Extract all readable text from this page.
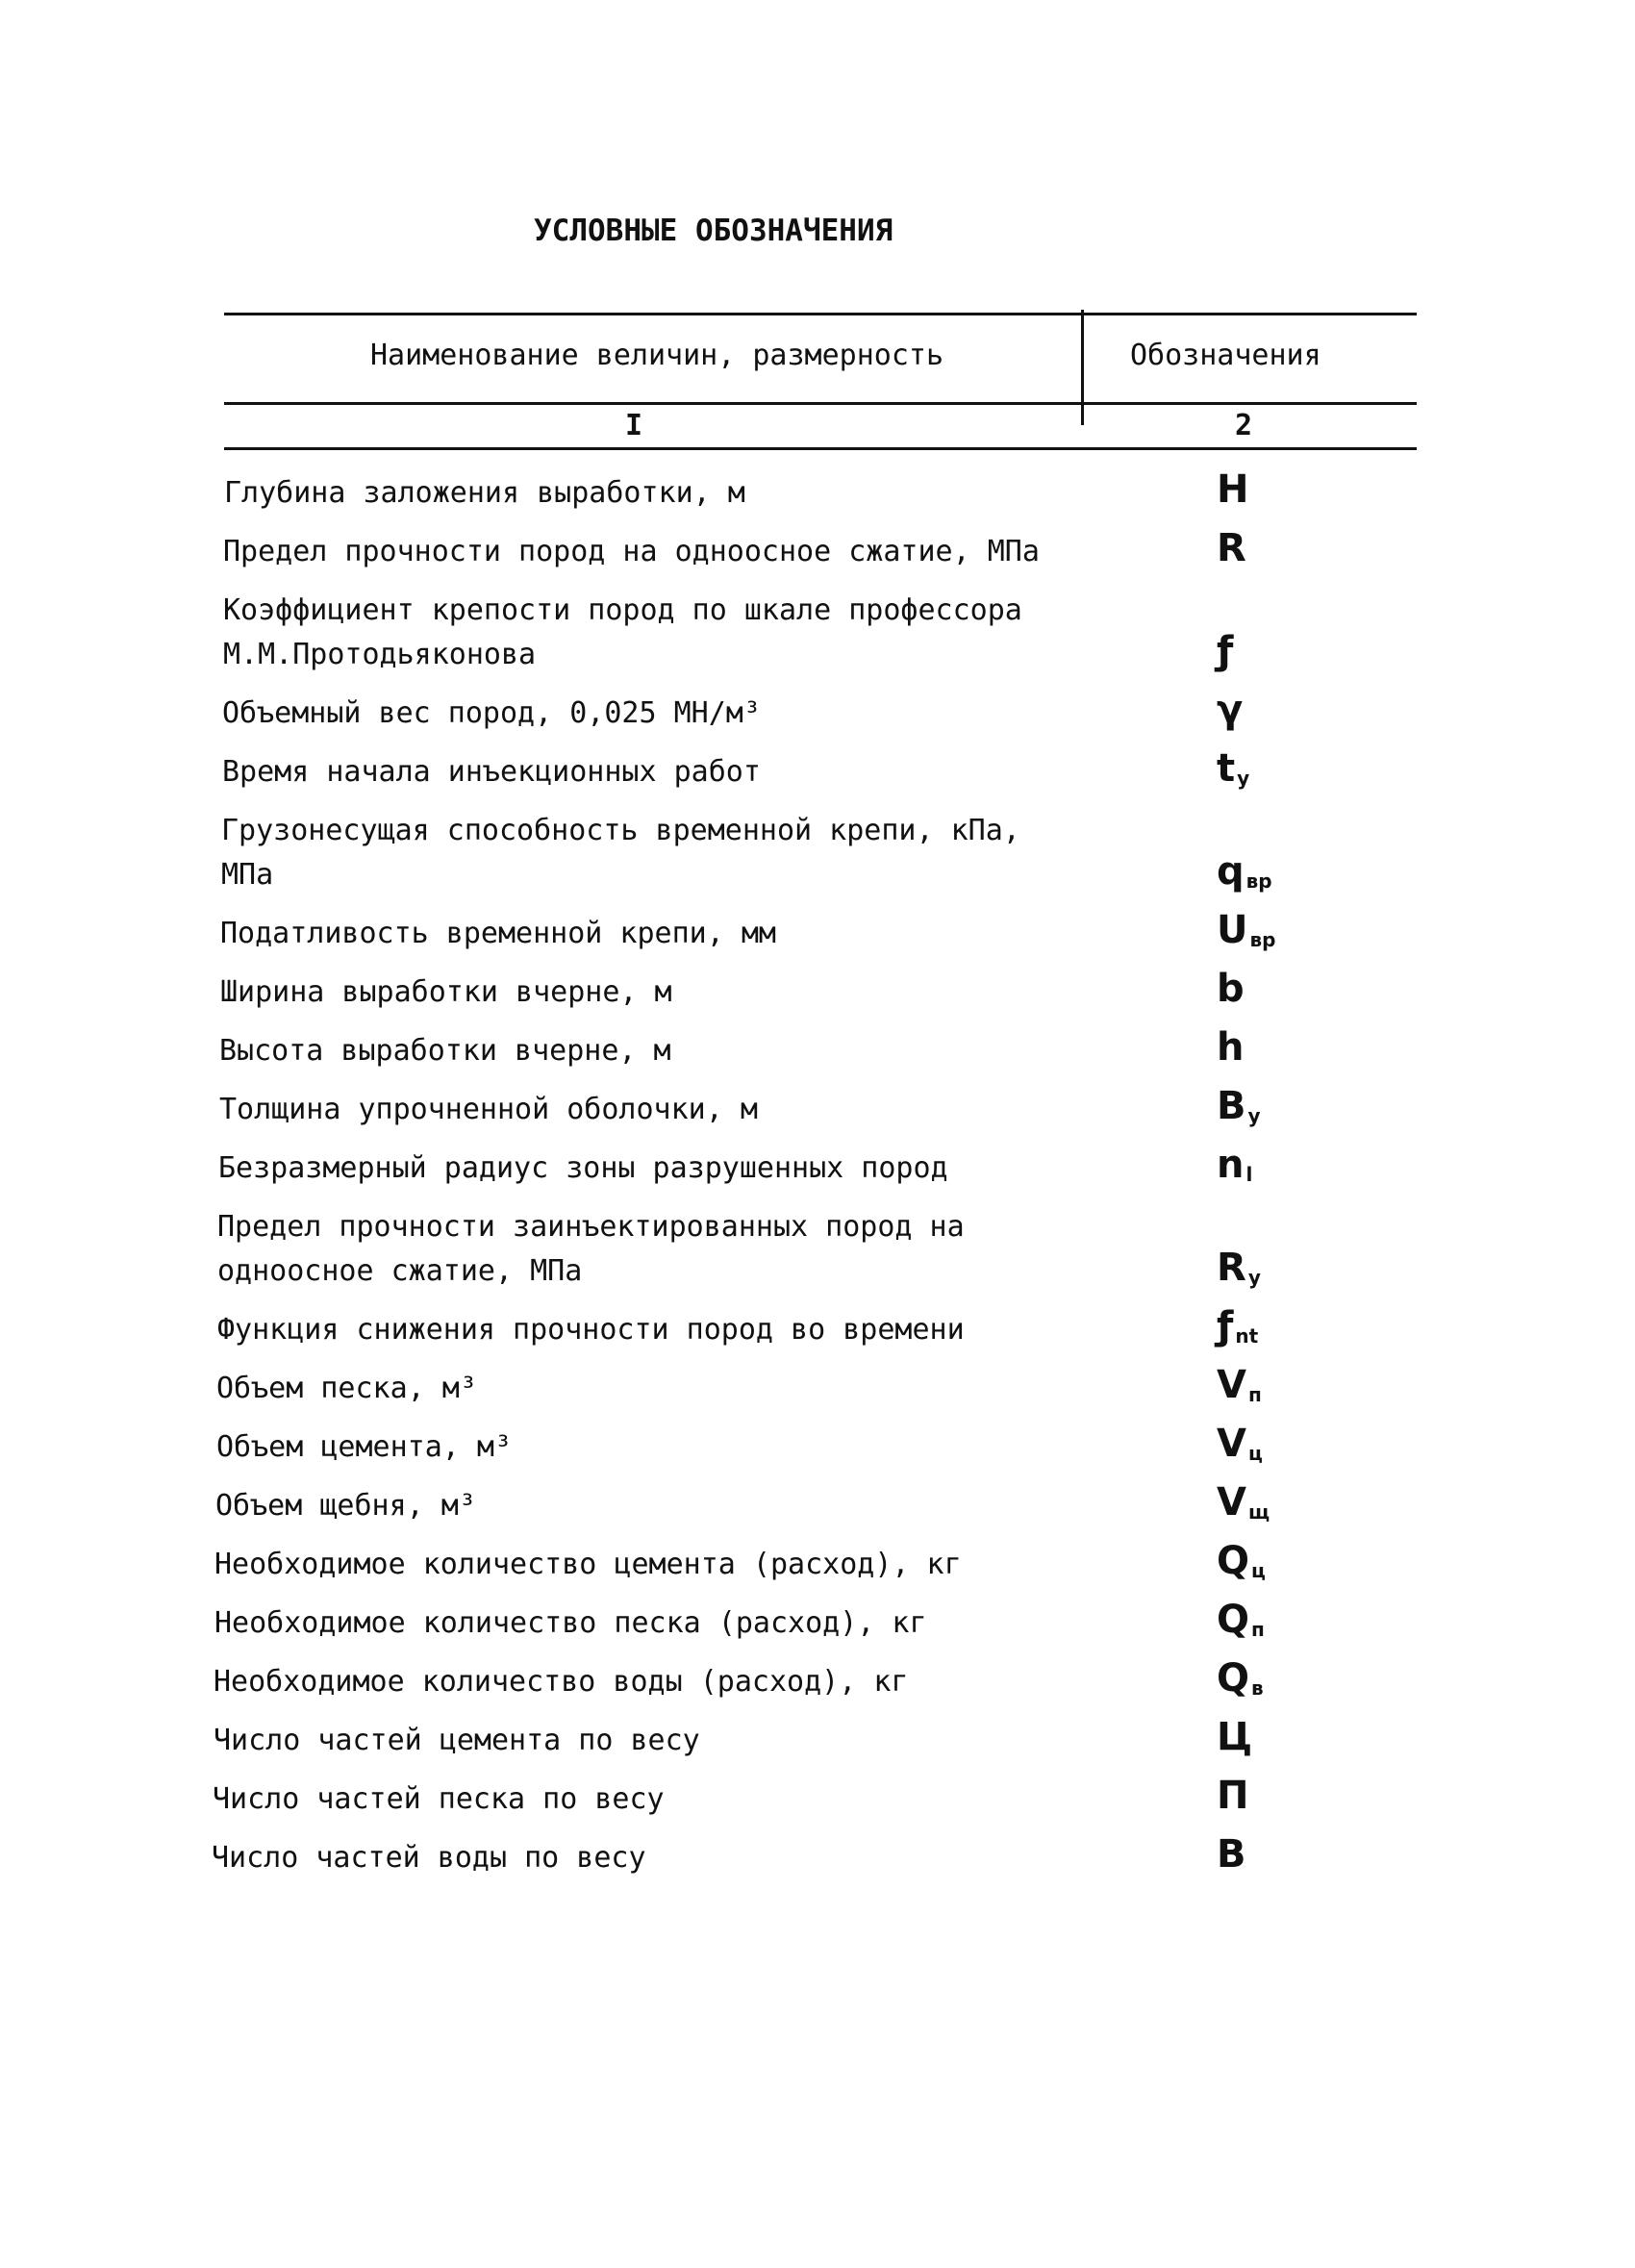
УСЛОВНЫЕ ОБОЗНАЧЕНИЯ
Наименование величин, размерность	Обозначения
I	2
Глубина заложения выработки, м	H
Предел прочности пород на одноосное сжатие, МПа	R
Коэффициент крепости пород по шкале профессора
М.М.Протодьяконова	ƒ
Объемный вес пород, 0,025 МН/м³	γ
Время начала инъекционных работ	t $_у$
Грузонесущая способность временной крепи, кПа,
МПа	q $_{вр}$
Податливость временной крепи, мм	U $_{вр}$
Ширина выработки вчерне, м	b
Высота выработки вчерне, м	h
Толщина упрочненной оболочки, м	B $_у$
Безразмерный радиус зоны разрушенных пород	n $_l$
Предел прочности заинъектированных пород на
одноосное сжатие, МПа	R $_у$
Функция снижения прочности пород во времени	ƒ $_{nt}$
Объем песка, м³	V $_п$
Объем цемента, м³	V $_ц$
Объем щебня, м³	V $_щ$
Необходимое количество цемента (расход), кг	Q $_ц$
Необходимое количество песка (расход), кг	Q $_п$
Необходимое количество воды (расход), кг	Q $_в$
Число частей цемента по весу	Ц
Число частей песка по весу	П
Число частей воды по весу	В
